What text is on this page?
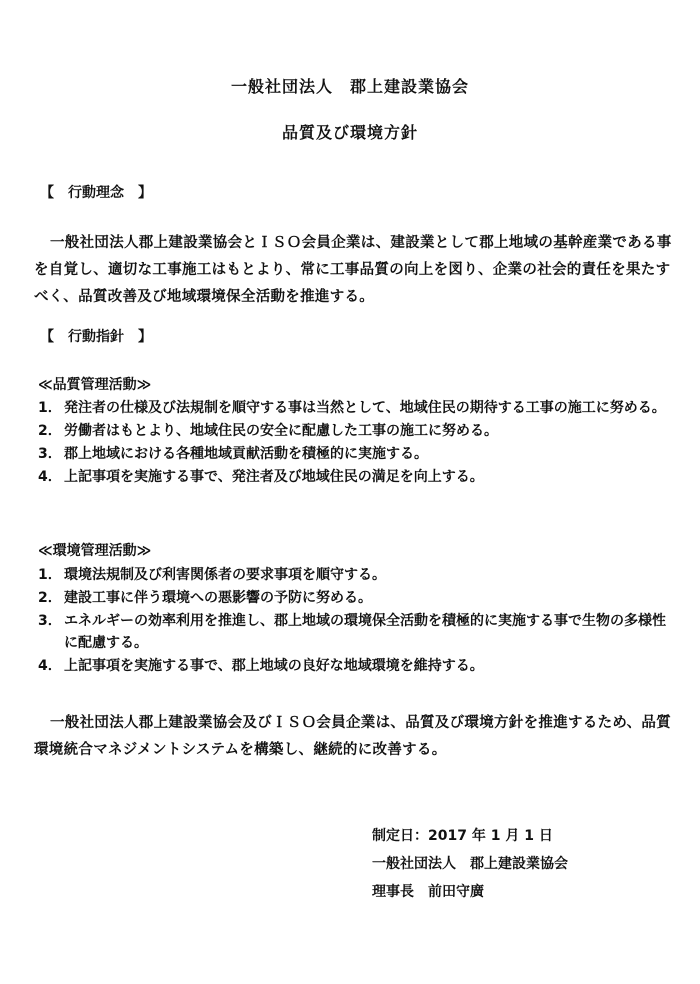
一般社団法人　郡上建設業協会
品質及び環境方針
【　行動理念　】

一般社団法人郡上建設業協会とＩＳＯ会員企業は、建設業として郡上地域の基幹産業である事を自覚し、適切な工事施工はもとより、常に工事品質の向上を図り、企業の社会的責任を果たすべく、品質改善及び地域環境保全活動を推進する。

【　行動指針　】
≪品質管理活動≫
1． 発注者の仕様及び法規制を順守する事は当然として、地域住民の期待する工事の施工に努める。
2． 労働者はもとより、地域住民の安全に配慮した工事の施工に努める。
3． 郡上地域における各種地域貢献活動を積極的に実施する。
4． 上記事項を実施する事で、発注者及び地域住民の満足を向上する。
≪環境管理活動≫
1． 環境法規制及び利害関係者の要求事項を順守する。
2． 建設工事に伴う環境への悪影響の予防に努める。
3． エネルギーの効率利用を推進し、郡上地域の環境保全活動を積極的に実施する事で生物の多様性に配慮する。
4． 上記事項を実施する事で、郡上地域の良好な地域環境を維持する。

一般社団法人郡上建設業協会及びＩＳＯ会員企業は、品質及び環境方針を推進するため、品質環境統合マネジメントシステムを構築し、継続的に改善する。

制定日：2017 年 1 月 1 日
一般社団法人　郡上建設業協会
理事長　前田守廣
